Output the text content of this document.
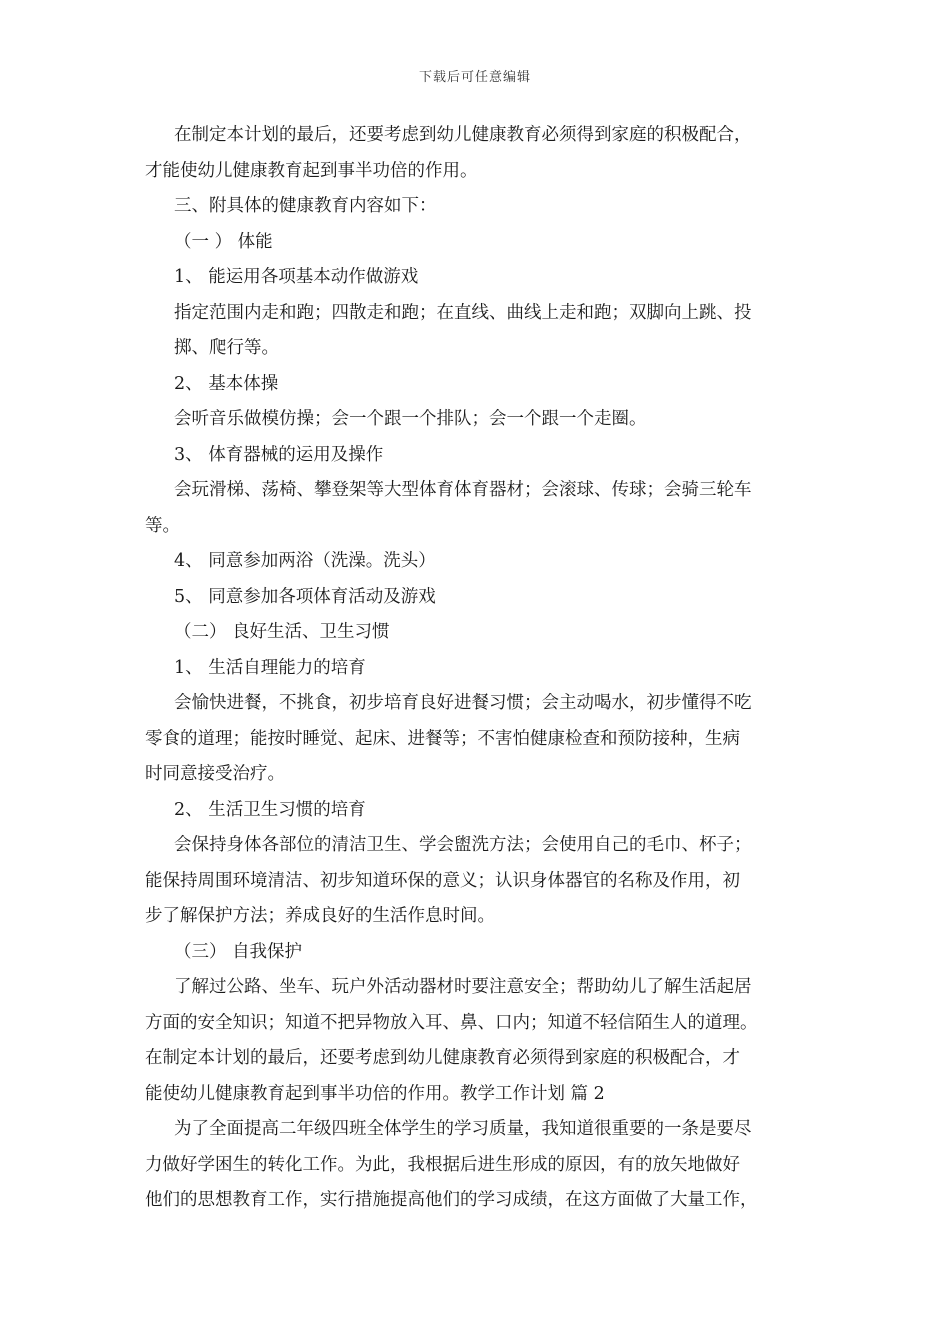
下载后可任意编辑
在制定本计划的最后，还要考虑到幼儿健康教育必须得到家庭的积极配合，
才能使幼儿健康教育起到事半功倍的作用。
三、附具体的健康教育内容如下：
（一 ） 体能
1、 能运用各项基本动作做游戏
指定范围内走和跑；四散走和跑；在直线、曲线上走和跑；双脚向上跳、投
掷、爬行等。
2、 基本体操
会听音乐做模仿操；会一个跟一个排队；会一个跟一个走圈。
3、 体育器械的运用及操作
会玩滑梯、荡椅、攀登架等大型体育体育器材；会滚球、传球；会骑三轮车
等。
4、 同意参加两浴（洗澡。洗头）
5、 同意参加各项体育活动及游戏
（二） 良好生活、卫生习惯
1、 生活自理能力的培育
会愉快进餐，不挑食，初步培育良好进餐习惯；会主动喝水，初步懂得不吃
零食的道理；能按时睡觉、起床、进餐等；不害怕健康检查和预防接种，生病
时同意接受治疗。
2、 生活卫生习惯的培育
会保持身体各部位的清洁卫生、学会盥洗方法；会使用自己的毛巾、杯子；
能保持周围环境清洁、初步知道环保的意义；认识身体器官的名称及作用，初
步了解保护方法；养成良好的生活作息时间。
（三） 自我保护
了解过公路、坐车、玩户外活动器材时要注意安全；帮助幼儿了解生活起居
方面的安全知识；知道不把异物放入耳、鼻、口内；知道不轻信陌生人的道理。
在制定本计划的最后，还要考虑到幼儿健康教育必须得到家庭的积极配合，才
能使幼儿健康教育起到事半功倍的作用。教学工作计划 篇 2
为了全面提高二年级四班全体学生的学习质量，我知道很重要的一条是要尽
力做好学困生的转化工作。为此，我根据后进生形成的原因，有的放矢地做好
他们的思想教育工作，实行措施提高他们的学习成绩，在这方面做了大量工作，
